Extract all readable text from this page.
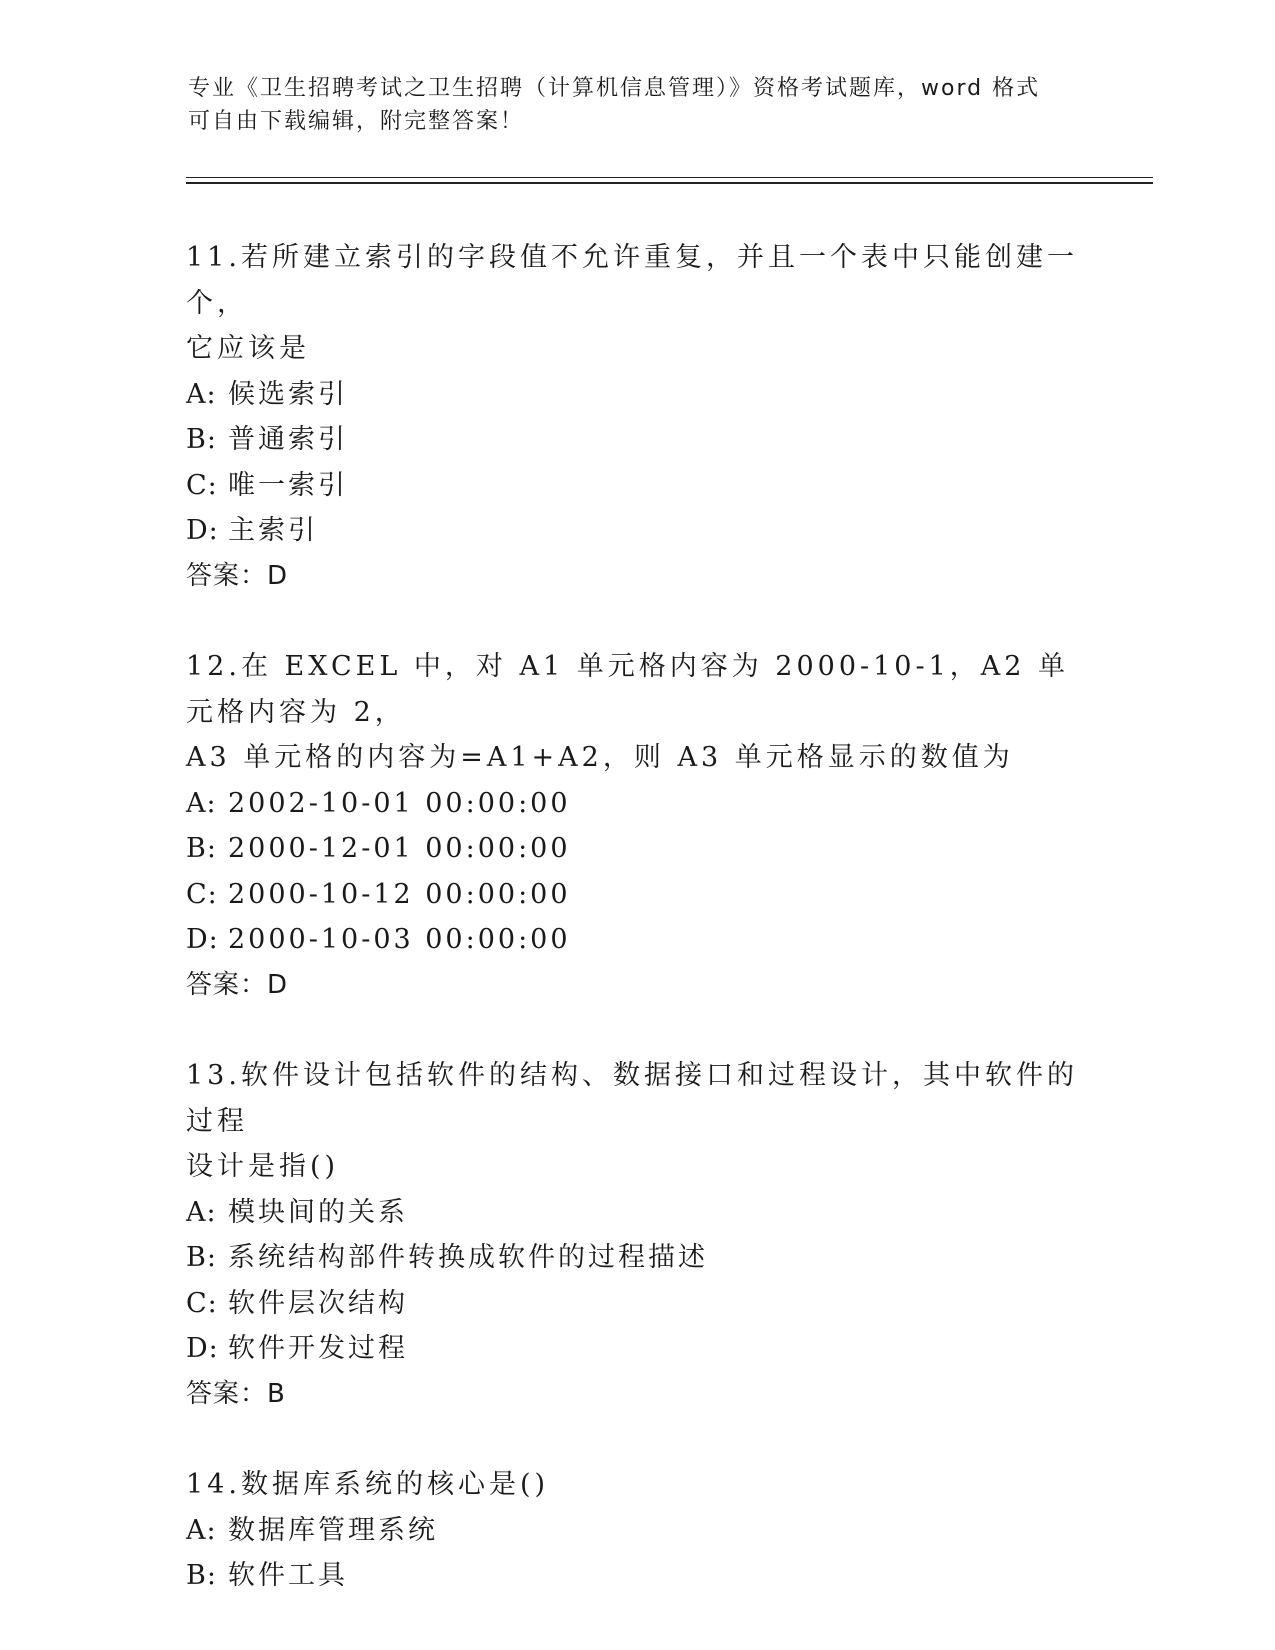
专业《卫生招聘考试之卫生招聘（计算机信息管理）》资格考试题库，word 格式
可自由下载编辑，附完整答案！
11.若所建立索引的字段值不允许重复，并且一个表中只能创建一个，
它应该是
A: 候选索引
B: 普通索引
C: 唯一索引
D: 主索引
答案：D
12.在 EXCEL 中，对 A1 单元格内容为 2000-10-1，A2 单元格内容为 2，
A3 单元格的内容为=A1+A2，则 A3 单元格显示的数值为
A: 2002-10-01 00:00:00
B: 2000-12-01 00:00:00
C: 2000-10-12 00:00:00
D: 2000-10-03 00:00:00
答案：D
13.软件设计包括软件的结构、数据接口和过程设计，其中软件的过程
设计是指()
A: 模块间的关系
B: 系统结构部件转换成软件的过程描述
C: 软件层次结构
D: 软件开发过程
答案：B
14.数据库系统的核心是()
A: 数据库管理系统
B: 软件工具
